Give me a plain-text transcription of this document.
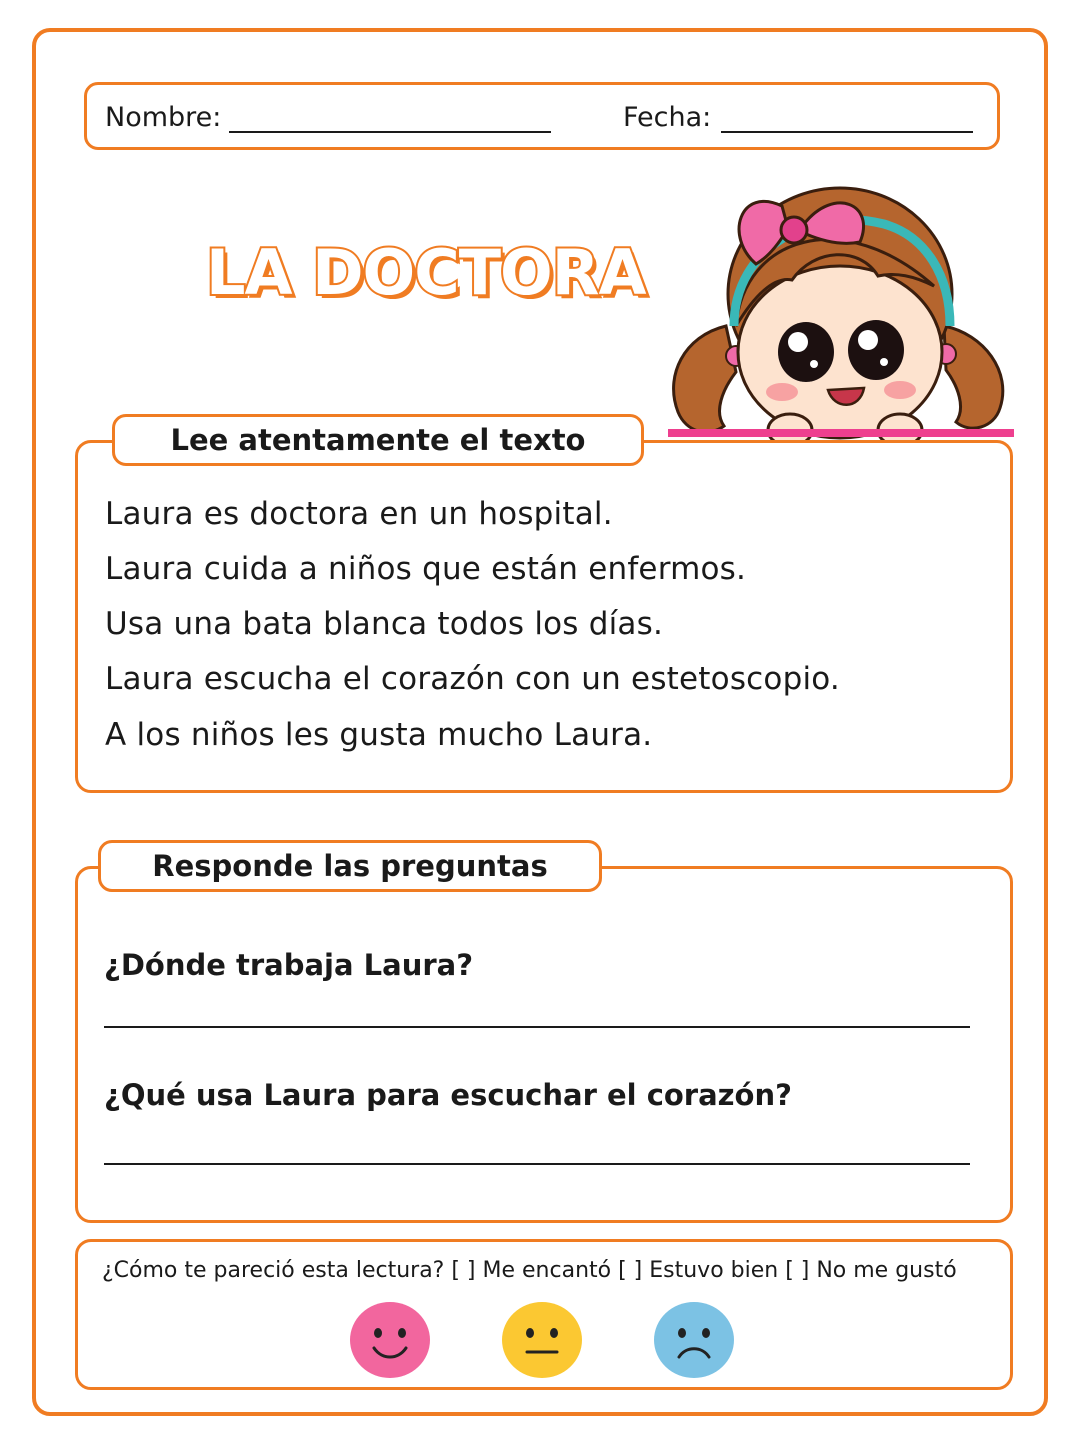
Nombre:	Fecha:
LA DOCTORA
Lee atentamente el texto
Laura es doctora en un hospital.
Laura cuida a niños que están enfermos.
Usa una bata blanca todos los días.
Laura escucha el corazón con un estetoscopio.
A los niños les gusta mucho Laura.
Responde las preguntas
¿Dónde trabaja Laura?
¿Qué usa Laura para escuchar el corazón?
¿Cómo te pareció esta lectura? [ ] Me encantó [ ] Estuvo bien [ ] No me gustó
